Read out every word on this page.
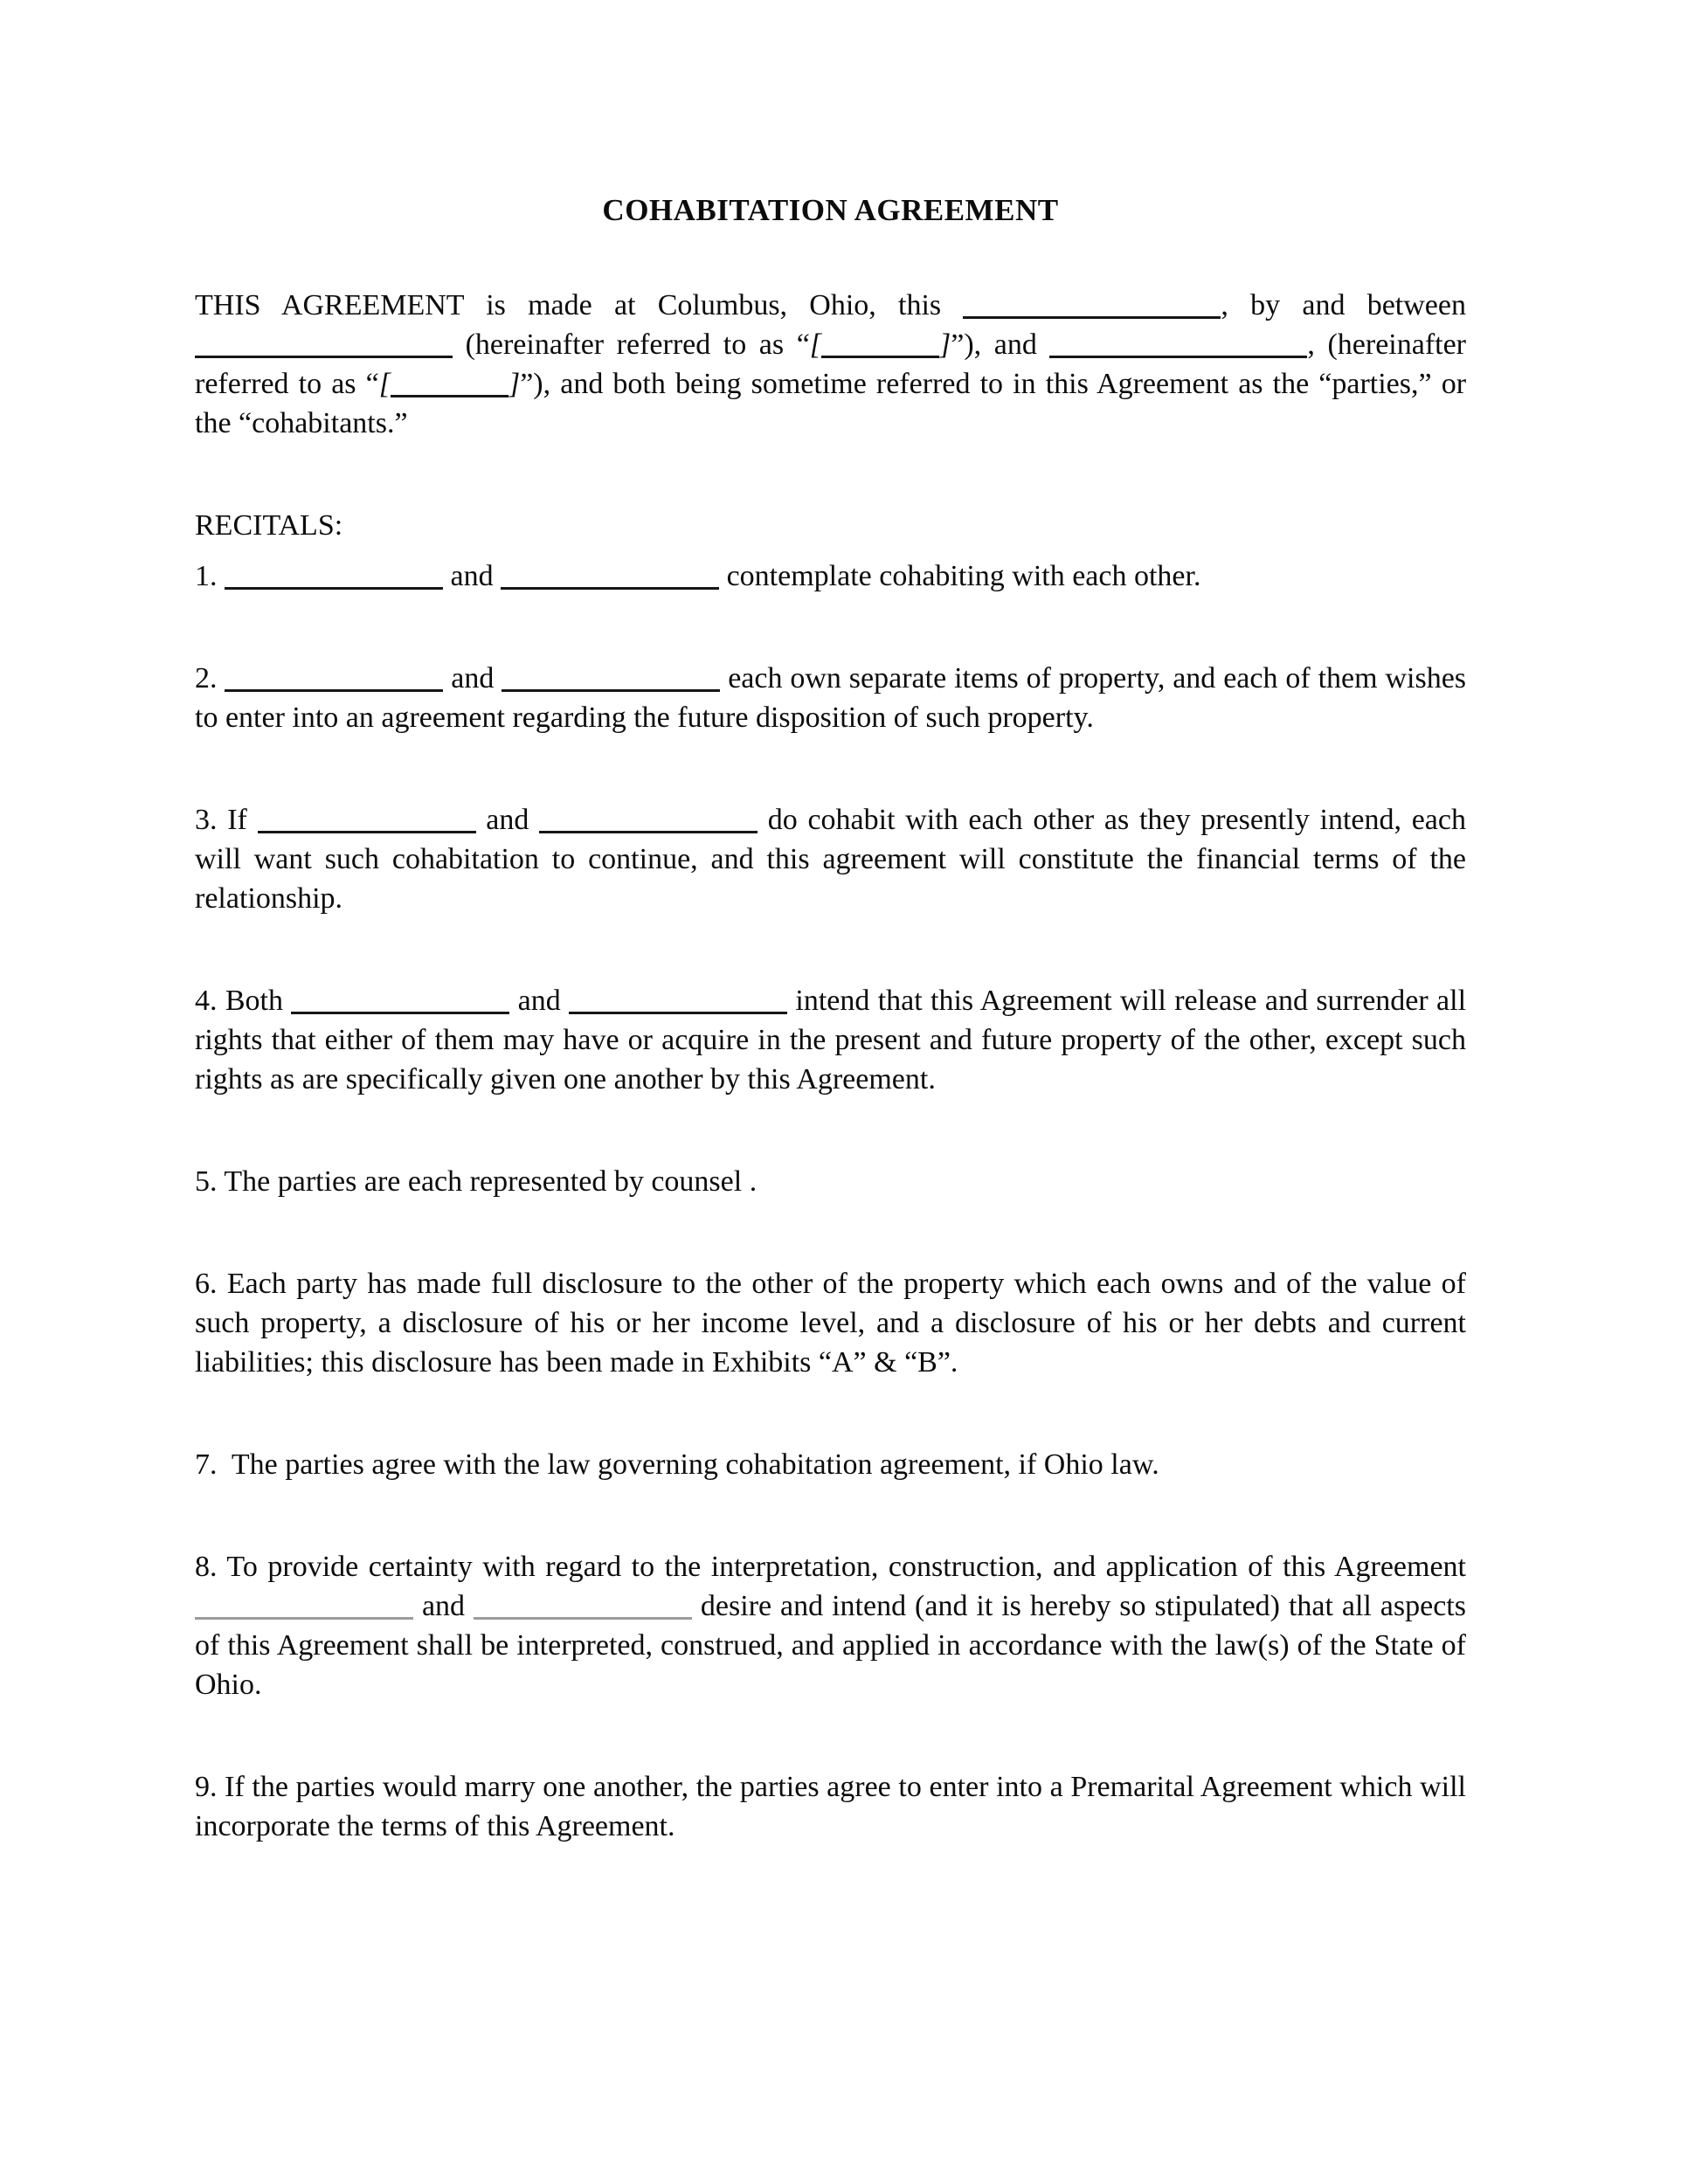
COHABITATION AGREEMENT

THIS AGREEMENT is made at Columbus, Ohio, this	, by and between  (hereinafter referred to as “[	]”), and	, (hereinafter referred to as “[	]”), and both being sometime referred to in this Agreement as the “parties,” or the “cohabitants.”

RECITALS:

1.	and	contemplate cohabiting with each other.

2.	and	each own separate items of property, and each of them wishes to enter into an agreement regarding the future disposition of such property.

3. If	and	do cohabit with each other as they presently intend, each will want such cohabitation to continue, and this agreement will constitute the financial terms of the relationship.

4. Both	and	intend that this Agreement will release and surrender all rights that either of them may have or acquire in the present and future property of the other, except such rights as are specifically given one another by this Agreement.

5. The parties are each represented by counsel .

6. Each party has made full disclosure to the other of the property which each owns and of the value of such property, a disclosure of his or her income level, and a disclosure of his or her debts and current liabilities; this disclosure has been made in Exhibits “A” & “B”.

7.  The parties agree with the law governing cohabitation agreement, if Ohio law.

8. To provide certainty with regard to the interpretation, construction, and application of this Agreement  and	desire and intend (and it is hereby so stipulated) that all aspects of this Agreement shall be interpreted, construed, and applied in accordance with the law(s) of the State of Ohio.

9. If the parties would marry one another, the parties agree to enter into a Premarital Agreement which will incorporate the terms of this Agreement.
